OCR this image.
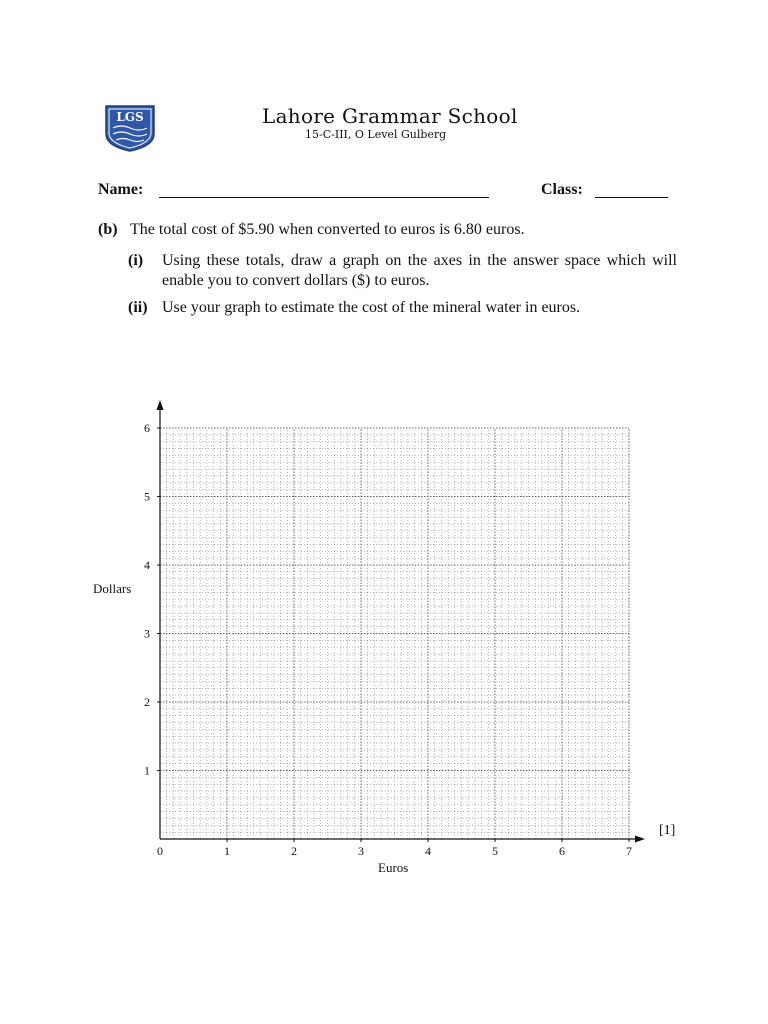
LGS	Lahore Grammar School
15-C-III, O Level Gulberg
Name:	Class:
(b) The total cost of $5.90 when converted to euros is 6.80 euros.
(i) Using these totals, draw a graph on the axes in the answer space which will enable you to convert dollars ($) to euros.
(ii) Use your graph to estimate the cost of the mineral water in euros.
0	1	2	3	4	5	6	7
1
2
3
4
5
6
Dollars
Euros
[1]
